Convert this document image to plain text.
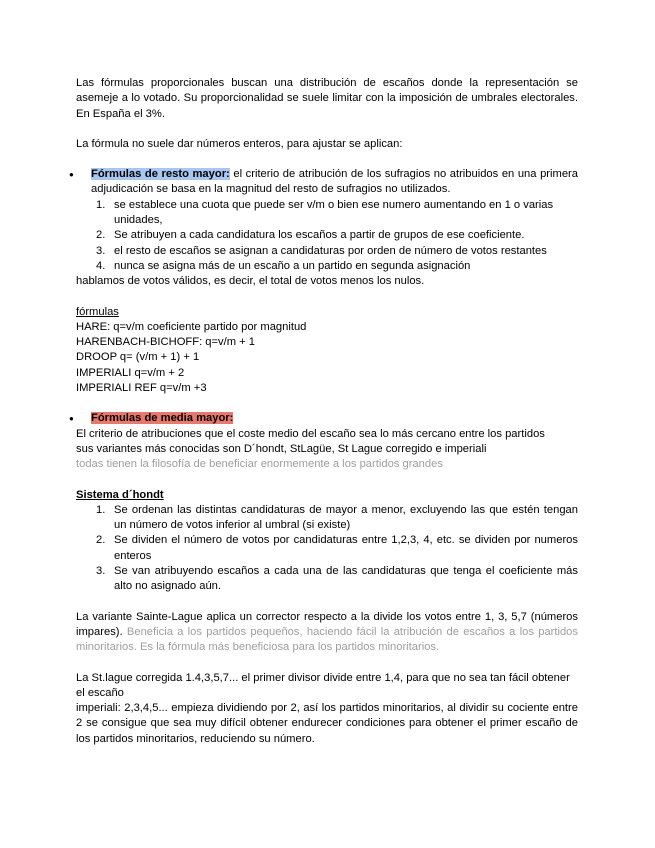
Las fórmulas proporcionales buscan una distribución de escaños donde la representación se asemeje a lo votado. Su proporcionalidad se suele limitar con la imposición de umbrales electorales. En España el 3%.

La fórmula no suele dar números enteros, para ajustar se aplican:

● Fórmulas de resto mayor: el criterio de atribución de los sufragios no atribuidos en una primera adjudicación se basa en la magnitud del resto de sufragios no utilizados.
1. se establece una cuota que puede ser v/m o bien ese numero aumentando en 1 o varias unidades,
2. Se atribuyen a cada candidatura los escaños a partir de grupos de ese coeficiente.
3. el resto de escaños se asignan a candidaturas por orden de número de votos restantes
4. nunca se asigna más de un escaño a un partido en segunda asignación

hablamos de votos válidos, es decir, el total de votos menos los nulos.

fórmulas

HARE: q=v/m coeficiente partido por magnitud

HARENBACH-BICHOFF: q=v/m + 1

DROOP q= (v/m + 1) + 1

IMPERIALI q=v/m + 2

IMPERIALI REF q=v/m +3

● Fórmulas de media mayor:

El criterio de atribuciones que el coste medio del escaño sea lo más cercano entre los partidos

sus variantes más conocidas son D´hondt, StLagüe, St Lague corregido e imperiali

todas tienen la filosofía de beneficiar enormemente a los partidos grandes

Sistema d´hondt

1. Se ordenan las distintas candidaturas de mayor a menor, excluyendo las que estén tengan un número de votos inferior al umbral (si existe)
2. Se dividen el número de votos por candidaturas entre 1,2,3, 4, etc. se dividen por numeros enteros
3. Se van atribuyendo escaños a cada una de las candidaturas que tenga el coeficiente más alto no asignado aún.

La variante Sainte-Lague aplica un corrector respecto a la divide los votos entre 1, 3, 5,7 (números impares). Beneficia a los partidos pequeños, haciendo fácil la atribución de escaños a los partidos minoritarios. Es la fórmula más beneficiosa para los partidos minoritarios.

La St.lague corregida 1.4,3,5,7... el primer divisor divide entre 1,4, para que no sea tan fácil obtener el escaño

imperiali: 2,3,4,5... empieza dividiendo por 2, así los partidos minoritarios, al dividir su cociente entre 2 se consigue que sea muy difícil obtener endurecer condiciones para obtener el primer escaño de los partidos minoritarios, reduciendo su número.
